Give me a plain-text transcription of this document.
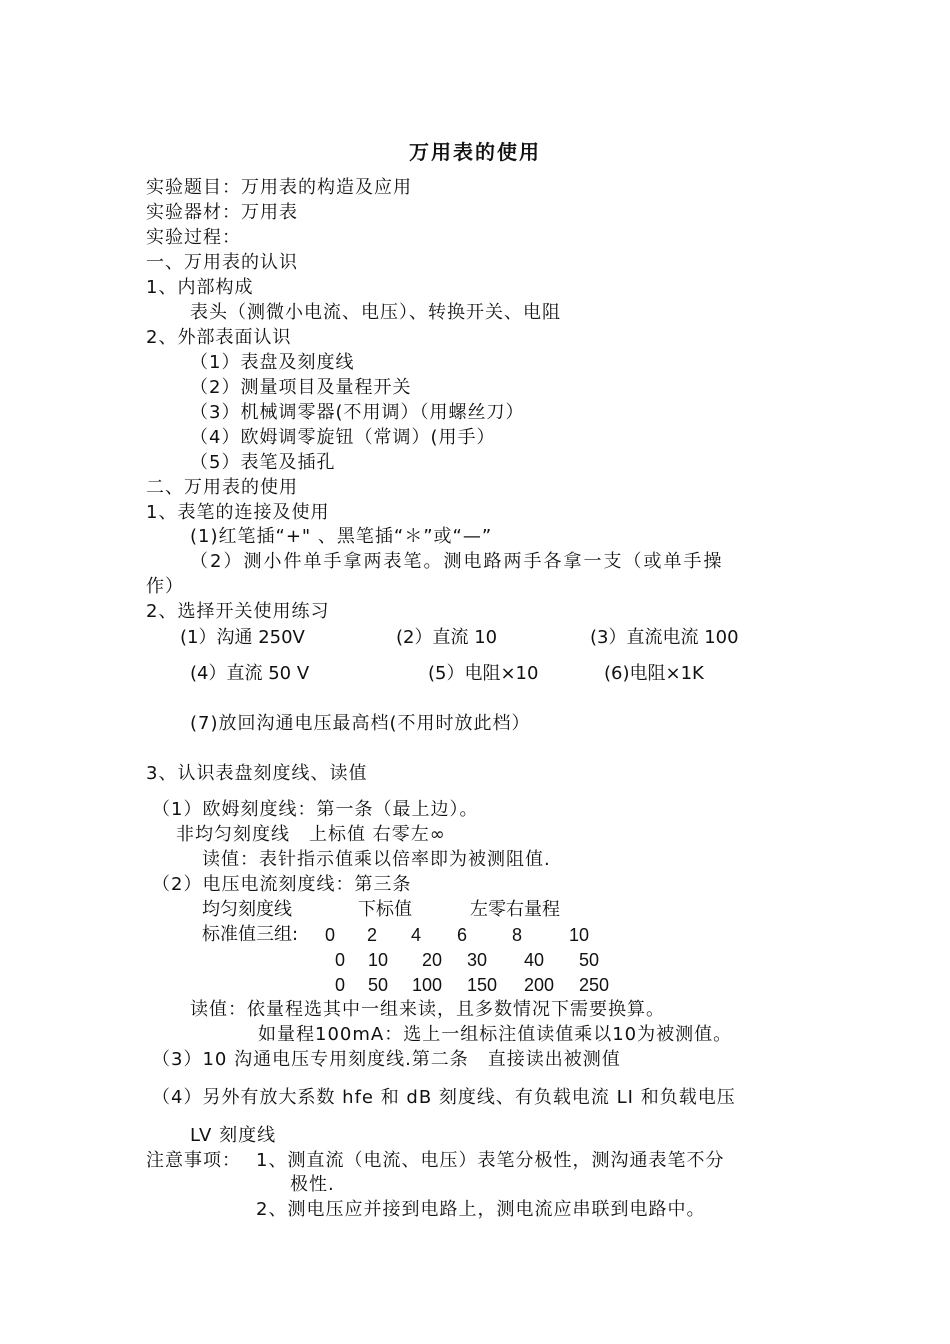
万用表的使用
实验题目：万用表的构造及应用
实验器材：万用表
实验过程：
一、万用表的认识
1、内部构成
表头（测微小电流、电压）、转换开关、电阻
2、外部表面认识
（1）表盘及刻度线
（2）测量项目及量程开关
（3）机械调零器(不用调）（用螺丝刀）
（4）欧姆调零旋钮（常调）(用手）
（5）表笔及插孔
二、万用表的使用
1、表笔的连接及使用
(1)红笔插“+" 、黑笔插“＊”或“—”
（2）测小件单手拿两表笔。测电路两手各拿一支（或单手操
作）
2、选择开关使用练习
(1）沟通 250V	(2）直流 10	(3）直流电流 100
(4）直流 50 V	(5）电阻×10	(6)电阻×1K
(7)放回沟通电压最高档(不用时放此档）
3、认识表盘刻度线、读值
（1）欧姆刻度线：第一条（最上边）。
非均匀刻度线　上标值 右零左∞
读值：表针指示值乘以倍率即为被测阻值.
（2）电压电流刻度线：第三条
均匀刻度线	下标值	左零右量程
标准值三组: 0 2 4 6 8	10
0 10 20 30 40 50
0 50 100 150 200 250
读值：依量程选其中一组来读，且多数情况下需要换算。
如量程100mA：选上一组标注值读值乘以10为被测值。
（3）10 沟通电压专用刻度线.第二条　直接读出被测值
（4）另外有放大系数 hfe 和 dB 刻度线、有负载电流 LI 和负载电压
LV 刻度线
注意事项： 1、测直流（电流、电压）表笔分极性，测沟通表笔不分
极性.
2、测电压应并接到电路上，测电流应串联到电路中。
